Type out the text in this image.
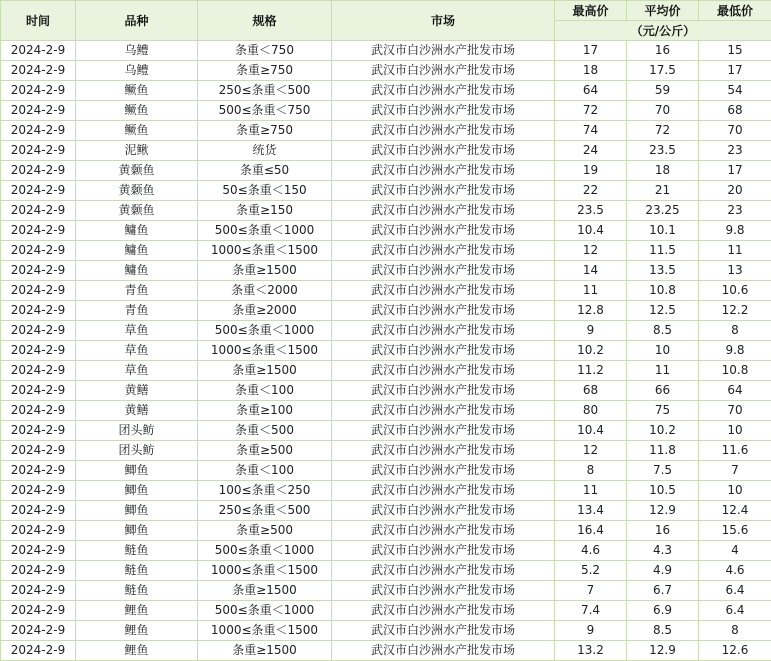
时间	品种	规格	市场	最高价	平均价	最低价
				（元/公斤）		
2024-2-9	乌鳢	条重＜750	武汉市白沙洲水产批发市场	17	16	15
2024-2-9	乌鳢	条重≥750	武汉市白沙洲水产批发市场	18	17.5	17
2024-2-9	鳜鱼	250≤条重＜500	武汉市白沙洲水产批发市场	64	59	54
2024-2-9	鳜鱼	500≤条重＜750	武汉市白沙洲水产批发市场	72	70	68
2024-2-9	鳜鱼	条重≥750	武汉市白沙洲水产批发市场	74	72	70
2024-2-9	泥鳅	统货	武汉市白沙洲水产批发市场	24	23.5	23
2024-2-9	黄颡鱼	条重≤50	武汉市白沙洲水产批发市场	19	18	17
2024-2-9	黄颡鱼	50≤条重＜150	武汉市白沙洲水产批发市场	22	21	20
2024-2-9	黄颡鱼	条重≥150	武汉市白沙洲水产批发市场	23.5	23.25	23
2024-2-9	鳙鱼	500≤条重＜1000	武汉市白沙洲水产批发市场	10.4	10.1	9.8
2024-2-9	鳙鱼	1000≤条重＜1500	武汉市白沙洲水产批发市场	12	11.5	11
2024-2-9	鳙鱼	条重≥1500	武汉市白沙洲水产批发市场	14	13.5	13
2024-2-9	青鱼	条重＜2000	武汉市白沙洲水产批发市场	11	10.8	10.6
2024-2-9	青鱼	条重≥2000	武汉市白沙洲水产批发市场	12.8	12.5	12.2
2024-2-9	草鱼	500≤条重＜1000	武汉市白沙洲水产批发市场	9	8.5	8
2024-2-9	草鱼	1000≤条重＜1500	武汉市白沙洲水产批发市场	10.2	10	9.8
2024-2-9	草鱼	条重≥1500	武汉市白沙洲水产批发市场	11.2	11	10.8
2024-2-9	黄鳝	条重＜100	武汉市白沙洲水产批发市场	68	66	64
2024-2-9	黄鳝	条重≥100	武汉市白沙洲水产批发市场	80	75	70
2024-2-9	团头鲂	条重＜500	武汉市白沙洲水产批发市场	10.4	10.2	10
2024-2-9	团头鲂	条重≥500	武汉市白沙洲水产批发市场	12	11.8	11.6
2024-2-9	鲫鱼	条重＜100	武汉市白沙洲水产批发市场	8	7.5	7
2024-2-9	鲫鱼	100≤条重＜250	武汉市白沙洲水产批发市场	11	10.5	10
2024-2-9	鲫鱼	250≤条重＜500	武汉市白沙洲水产批发市场	13.4	12.9	12.4
2024-2-9	鲫鱼	条重≥500	武汉市白沙洲水产批发市场	16.4	16	15.6
2024-2-9	鲢鱼	500≤条重＜1000	武汉市白沙洲水产批发市场	4.6	4.3	4
2024-2-9	鲢鱼	1000≤条重＜1500	武汉市白沙洲水产批发市场	5.2	4.9	4.6
2024-2-9	鲢鱼	条重≥1500	武汉市白沙洲水产批发市场	7	6.7	6.4
2024-2-9	鲤鱼	500≤条重＜1000	武汉市白沙洲水产批发市场	7.4	6.9	6.4
2024-2-9	鲤鱼	1000≤条重＜1500	武汉市白沙洲水产批发市场	9	8.5	8
2024-2-9	鲤鱼	条重≥1500	武汉市白沙洲水产批发市场	13.2	12.9	12.6
